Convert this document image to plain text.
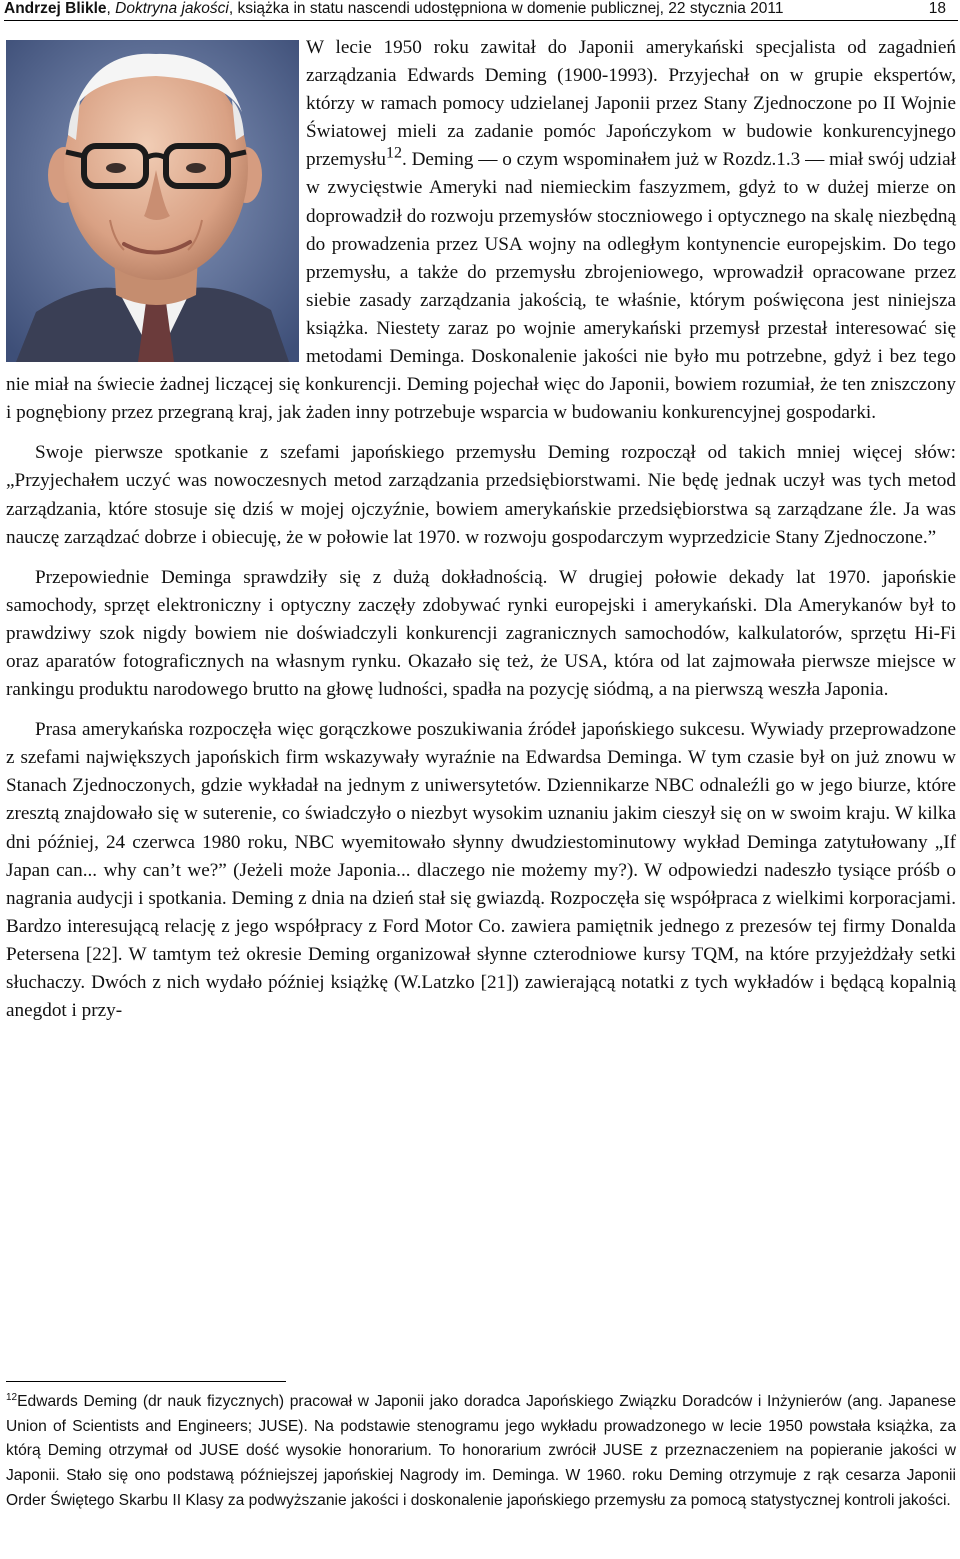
Andrzej Blikle, Doktryna jakości, książka in statu nascendi udostępniona w domenie publicznej, 22 stycznia 2011	18

W lecie 1950 roku zawitał do Japonii amerykański specjalista od zagadnień zarządzania Edwards Deming (1900-1993). Przyjechał on w grupie ekspertów, którzy w ramach pomocy udzielanej Japonii przez Stany Zjednoczone po II Wojnie Światowej mieli za zadanie pomóc Japończykom w budowie konkurencyjnego przemysłu$^{12}$. Deming — o czym wspominałem już w Rozdz.1.3 — miał swój udział w zwycięstwie Ameryki nad niemieckim faszyzmem, gdyż to w dużej mierze on doprowadził do rozwoju przemysłów stoczniowego i optycznego na skalę niezbędną do prowadzenia przez USA wojny na odległym kontynencie europejskim. Do tego przemysłu, a także do przemysłu zbrojeniowego, wprowadził opracowane przez siebie zasady zarządzania jakością, te właśnie, którym poświęcona jest niniejsza książka. Niestety zaraz po wojnie amerykański przemysł przestał interesować się metodami Deminga. Doskonalenie jakości nie było mu potrzebne, gdyż i bez tego nie miał na świecie żadnej liczącej się konkurencji. Deming pojechał więc do Japonii, bowiem rozumiał, że ten zniszczony i pognębiony przez przegraną kraj, jak żaden inny potrzebuje wsparcia w budowaniu konkurencyjnej gospodarki.

Swoje pierwsze spotkanie z szefami japońskiego przemysłu Deming rozpoczął od takich mniej więcej słów: „Przyjechałem uczyć was nowoczesnych metod zarządzania przedsiębiorstwami. Nie będę jednak uczył was tych metod zarządzania, które stosuje się dziś w mojej ojczyźnie, bowiem amerykańskie przedsiębiorstwa są zarządzane źle. Ja was nauczę zarządzać dobrze i obiecuję, że w połowie lat 1970. w rozwoju gospodarczym wyprzedzicie Stany Zjednoczone.”

Przepowiednie Deminga sprawdziły się z dużą dokładnością. W drugiej połowie dekady lat 1970. japońskie samochody, sprzęt elektroniczny i optyczny zaczęły zdobywać rynki europejski i amerykański. Dla Amerykanów był to prawdziwy szok nigdy bowiem nie doświadczyli konkurencji zagranicznych samochodów, kalkulatorów, sprzętu Hi-Fi oraz aparatów fotograficznych na własnym rynku. Okazało się też, że USA, która od lat zajmowała pierwsze miejsce w rankingu produktu narodowego brutto na głowę ludności, spadła na pozycję siódmą, a na pierwszą weszła Japonia.

Prasa amerykańska rozpoczęła więc gorączkowe poszukiwania źródeł japońskiego sukcesu. Wywiady przeprowadzone z szefami największych japońskich firm wskazywały wyraźnie na Edwardsa Deminga. W tym czasie był on już znowu w Stanach Zjednoczonych, gdzie wykładał na jednym z uniwersytetów. Dziennikarze NBC odnaleźli go w jego biurze, które zresztą znajdowało się w suterenie, co świadczyło o niezbyt wysokim uznaniu jakim cieszył się on w swoim kraju. W kilka dni później, 24 czerwca 1980 roku, NBC wyemitowało słynny dwudziestominutowy wykład Deminga zatytułowany „If Japan can... why can’t we?” (Jeżeli może Japonia... dlaczego nie możemy my?). W odpowiedzi nadeszło tysiące próśb o nagrania audycji i spotkania. Deming z dnia na dzień stał się gwiazdą. Rozpoczęła się współpraca z wielkimi korporacjami. Bardzo interesującą relację z jego współpracy z Ford Motor Co. zawiera pamiętnik jednego z prezesów tej firmy Donalda Petersena [22]. W tamtym też okresie Deming organizował słynne czterodniowe kursy TQM, na które przyjeżdżały setki słuchaczy. Dwóch z nich wydało później książkę (W.Latzko [21]) zawierającą notatki z tych wykładów i będącą kopalnią anegdot i przy-

$^{12}$Edwards Deming (dr nauk fizycznych) pracował w Japonii jako doradca Japońskiego Związku Doradców i Inżynierów (ang. Japanese Union of Scientists and Engineers; JUSE). Na podstawie stenogramu jego wykładu prowadzonego w lecie 1950 powstała książka, za którą Deming otrzymał od JUSE dość wysokie honorarium. To honorarium zwrócił JUSE z przeznaczeniem na popieranie jakości w Japonii. Stało się ono podstawą późniejszej japońskiej Nagrody im. Deminga. W 1960. roku Deming otrzymuje z rąk cesarza Japonii Order Świętego Skarbu II Klasy za podwyższanie jakości i doskonalenie japońskiego przemysłu za pomocą statystycznej kontroli jakości.
